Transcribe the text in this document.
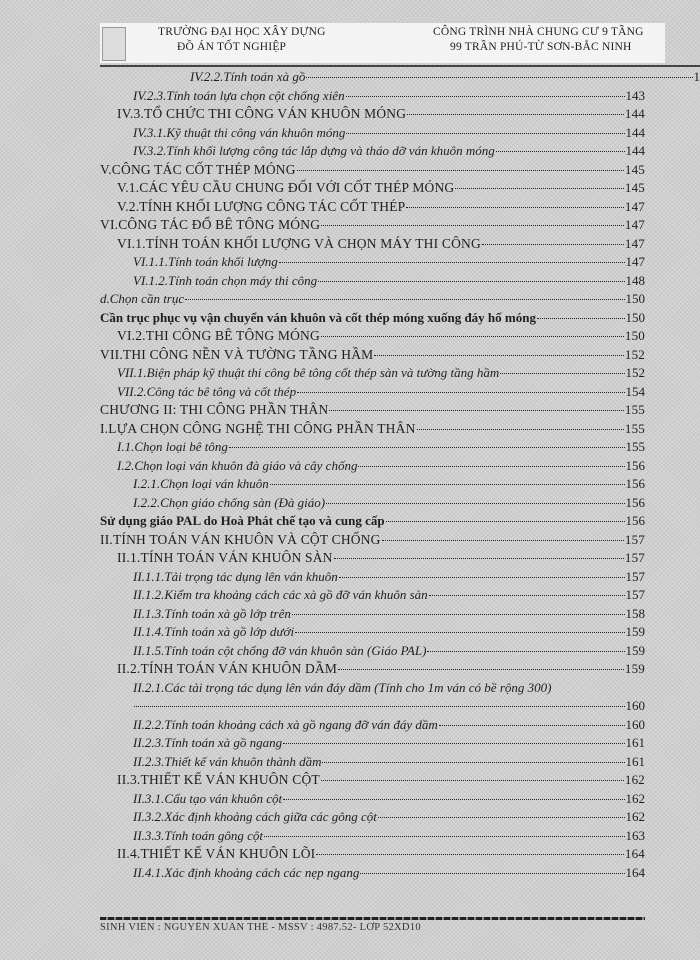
TRƯỜNG ĐẠI HỌC XÂY DỰNG
ĐỒ ÁN TỐT NGHIỆP
CÔNG TRÌNH NHÀ CHUNG CƯ 9 TẦNG
99 TRẦN PHÚ-TỪ SƠN-BẮC NINH
IV.2.2.Tính toán xà gồ	1
IV.2.3.Tính toán lựa chọn cột chống xiên	143
IV.3.TỔ CHỨC THI CÔNG VÁN KHUÔN MÓNG	144
IV.3.1.Kỹ thuật thi công ván khuôn móng	144
IV.3.2.Tính khối lượng công tác lắp dựng và tháo dỡ ván khuôn móng	144
V.CÔNG TÁC CỐT THÉP MÓNG	145
V.1.CÁC YÊU CẦU CHUNG ĐỐI VỚI CỐT THÉP MÓNG	145
V.2.TÍNH KHỐI LƯỢNG CÔNG TÁC CỐT THÉP	147
VI.CÔNG TÁC ĐỔ BÊ TÔNG MÓNG	147
VI.1.TÍNH TOÁN KHỐI LƯỢNG VÀ CHỌN MÁY THI CÔNG	147
VI.1.1.Tính toán khối lượng	147
VI.1.2.Tính toán chọn máy thi công	148
d.Chọn cần trục	150
Cần trục phục vụ vận chuyển ván khuôn và cốt thép móng xuống đáy hố móng	150
VI.2.THI CÔNG BÊ TÔNG MÓNG	150
VII.THI CÔNG NỀN VÀ TƯỜNG TẦNG HẦM	152
VII.1.Biện pháp kỹ thuật thi công bê tông cốt thép sàn và tường tầng hầm	152
VII.2.Công tác bê tông và cốt thép	154
CHƯƠNG II: THI CÔNG PHẦN THÂN	155
I.LỰA CHỌN CÔNG NGHỆ THI CÔNG PHẦN THÂN	155
I.1.Chọn loại bê tông	155
I.2.Chọn loại ván khuôn đà giáo và cây chống	156
I.2.1.Chọn loại ván khuôn	156
I.2.2.Chọn giáo chống sàn (Đà giáo)	156
Sử dụng giáo PAL do Hoà Phát chế tạo và cung cấp	156
II.TÍNH TOÁN VÁN KHUÔN VÀ CỘT CHỐNG	157
II.1.TÍNH TOÁN VÁN KHUÔN SÀN	157
II.1.1.Tải trọng tác dụng lên ván khuôn	157
II.1.2.Kiểm tra khoảng cách các xà gồ đỡ ván khuôn sàn	157
II.1.3.Tính toán xà gồ lớp trên	158
II.1.4.Tính toán xà gồ lớp dưới	159
II.1.5.Tính toán cột chống đỡ ván khuôn sàn (Giáo PAL)	159
II.2.TÍNH TOÁN VÁN KHUÔN DẦM	159
II.2.1.Các tải trọng tác dụng lên ván đáy dầm (Tính cho 1m ván có bề rộng 300)
160
II.2.2.Tính toán khoảng cách xà gồ ngang đỡ ván đáy dầm	160
II.2.3.Tính toán xà gồ ngang	161
II.2.3.Thiết kế ván khuôn thành dầm	161
II.3.THIẾT KẾ VÁN KHUÔN CỘT	162
II.3.1.Cấu tạo ván khuôn cột	162
II.3.2.Xác định khoảng cách giữa các gông cột	162
II.3.3.Tính toán gông cột	163
II.4.THIẾT KẾ VÁN KHUÔN LÕI	164
II.4.1.Xác định khoảng cách các nẹp ngang	164
SINH VIÊN : NGUYỄN XUÂN THẾ - MSSV : 4987.52- LỚP 52XD10
